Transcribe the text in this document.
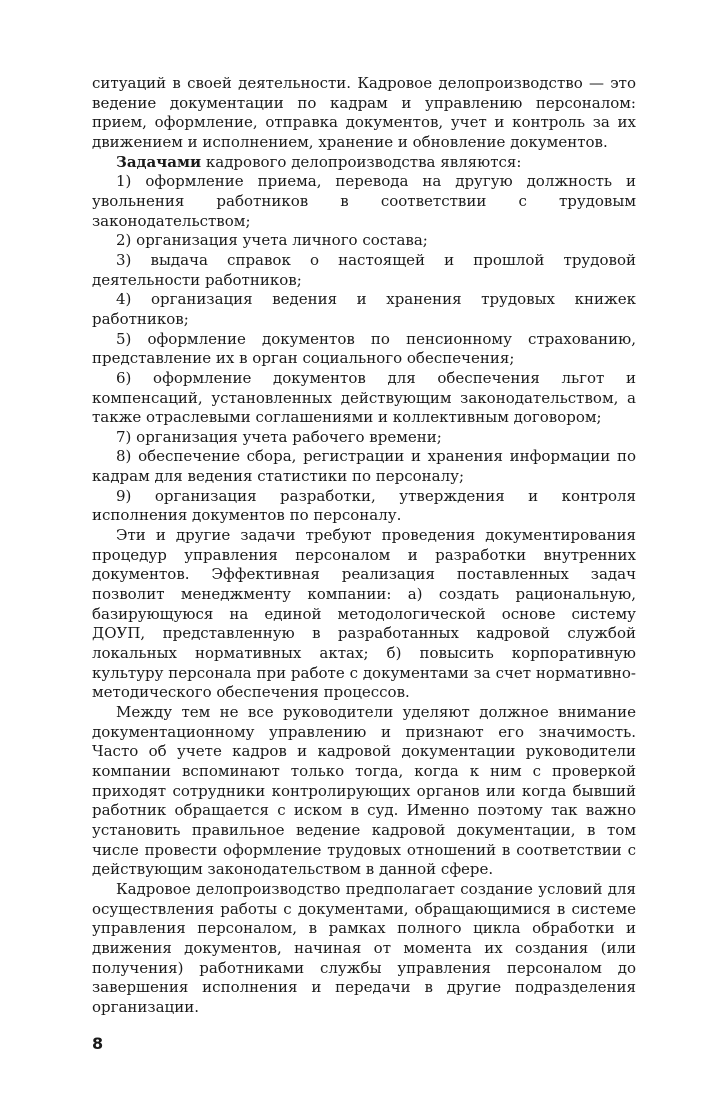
ситуаций в своей деятельности. Кадровое делопроизводство — это ведение документации по кадрам и управлению персоналом: прием, оформление, отправка документов, учет и контроль за их движением и исполнением, хранение и обновление документов.

Задачами кадрового делопроизводства являются:

1) оформление приема, перевода на другую должность и увольнения работников в соответствии с трудовым законодательством;

2) организация учета личного состава;

3) выдача справок о настоящей и прошлой трудовой деятельности работников;

4) организация ведения и хранения трудовых книжек работников;

5) оформление документов по пенсионному страхованию, представление их в орган социального обеспечения;

6) оформление документов для обеспечения льгот и компенсаций, установленных действующим законодательством, а также отраслевыми соглашениями и коллективным договором;

7) организация учета рабочего времени;

8) обеспечение сбора, регистрации и хранения информации по кадрам для ведения статистики по персоналу;

9) организация разработки, утверждения и контроля исполнения документов по персоналу.

Эти и другие задачи требуют проведения документирования процедур управления персоналом и разработки внутренних документов. Эффективная реализация поставленных задач позволит менеджменту компании: а) создать рациональную, базирующуюся на единой методологической основе систему ДОУП, представленную в разработанных кадровой службой локальных нормативных актах; б) повысить корпоративную культуру персонала при работе с документами за счет нормативно-методического обеспечения процессов.

Между тем не все руководители уделяют должное внимание документационному управлению и признают его значимость. Часто об учете кадров и кадровой документации руководители компании вспоминают только тогда, когда к ним с проверкой приходят сотрудники контролирующих органов или когда бывший работник обращается с иском в суд. Именно поэтому так важно установить правильное ведение кадровой документации, в том числе провести оформление трудовых отношений в соответствии с действующим законодательством в данной сфере.

Кадровое делопроизводство предполагает создание условий для осуществления работы с документами, обращающимися в системе управления персоналом, в рамках полного цикла обработки и движения документов, начиная от момента их создания (или получения) работниками службы управления персоналом до завершения исполнения и передачи в другие подразделения организации.

8
